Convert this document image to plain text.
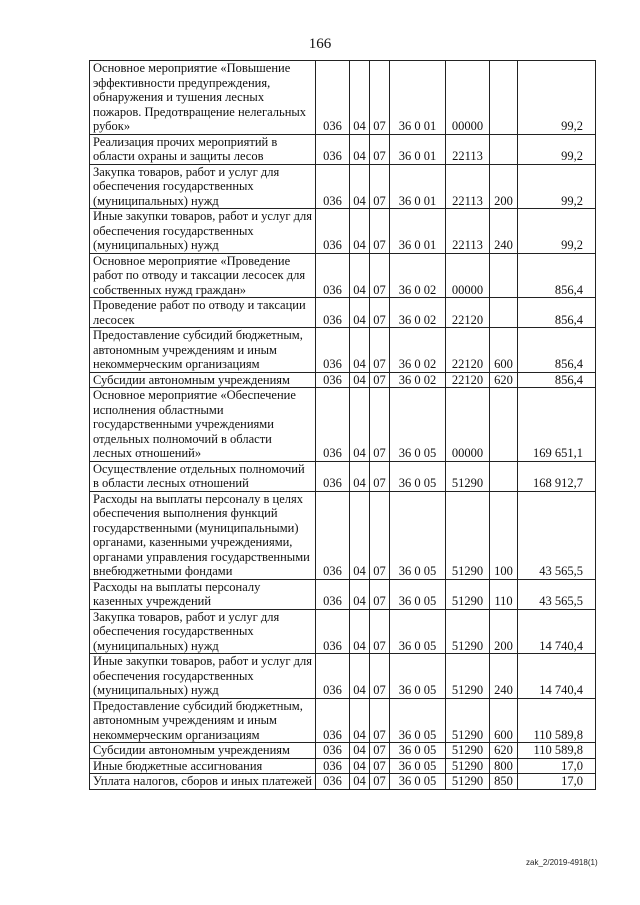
166
Основное мероприятие «Повышение эффективности предупреждения, обнаружения и тушения лесных пожаров. Предотвращение нелегальных рубок»	036	04	07	36 0 01	00000		99,2
Реализация прочих мероприятий в области охраны и защиты лесов	036	04	07	36 0 01	22113		99,2
Закупка товаров, работ и услуг для обеспечения государственных (муниципальных) нужд	036	04	07	36 0 01	22113	200	99,2
Иные закупки товаров, работ и услуг для обеспечения государственных (муниципальных) нужд	036	04	07	36 0 01	22113	240	99,2
Основное мероприятие «Проведение работ по отводу и таксации лесосек для собственных нужд граждан»	036	04	07	36 0 02	00000		856,4
Проведение работ по отводу и таксации лесосек	036	04	07	36 0 02	22120		856,4
Предоставление субсидий бюджетным, автономным учреждениям и иным некоммерческим организациям	036	04	07	36 0 02	22120	600	856,4
Субсидии автономным учреждениям	036	04	07	36 0 02	22120	620	856,4
Основное мероприятие «Обеспечение исполнения областными государственными учреждениями отдельных полномочий в области лесных отношений»	036	04	07	36 0 05	00000		169 651,1
Осуществление отдельных полномочий в области лесных отношений	036	04	07	36 0 05	51290		168 912,7
Расходы на выплаты персоналу в целях обеспечения выполнения функций государственными (муниципальными) органами, казенными учреждениями, органами управления государственными внебюджетными фондами	036	04	07	36 0 05	51290	100	43 565,5
Расходы на выплаты персоналу казенных учреждений	036	04	07	36 0 05	51290	110	43 565,5
Закупка товаров, работ и услуг для обеспечения государственных (муниципальных) нужд	036	04	07	36 0 05	51290	200	14 740,4
Иные закупки товаров, работ и услуг для обеспечения государственных (муниципальных) нужд	036	04	07	36 0 05	51290	240	14 740,4
Предоставление субсидий бюджетным, автономным учреждениям и иным некоммерческим организациям	036	04	07	36 0 05	51290	600	110 589,8
Субсидии автономным учреждениям	036	04	07	36 0 05	51290	620	110 589,8
Иные бюджетные ассигнования	036	04	07	36 0 05	51290	800	17,0
Уплата налогов, сборов и иных платежей	036	04	07	36 0 05	51290	850	17,0
zak_2/2019-4918(1)
